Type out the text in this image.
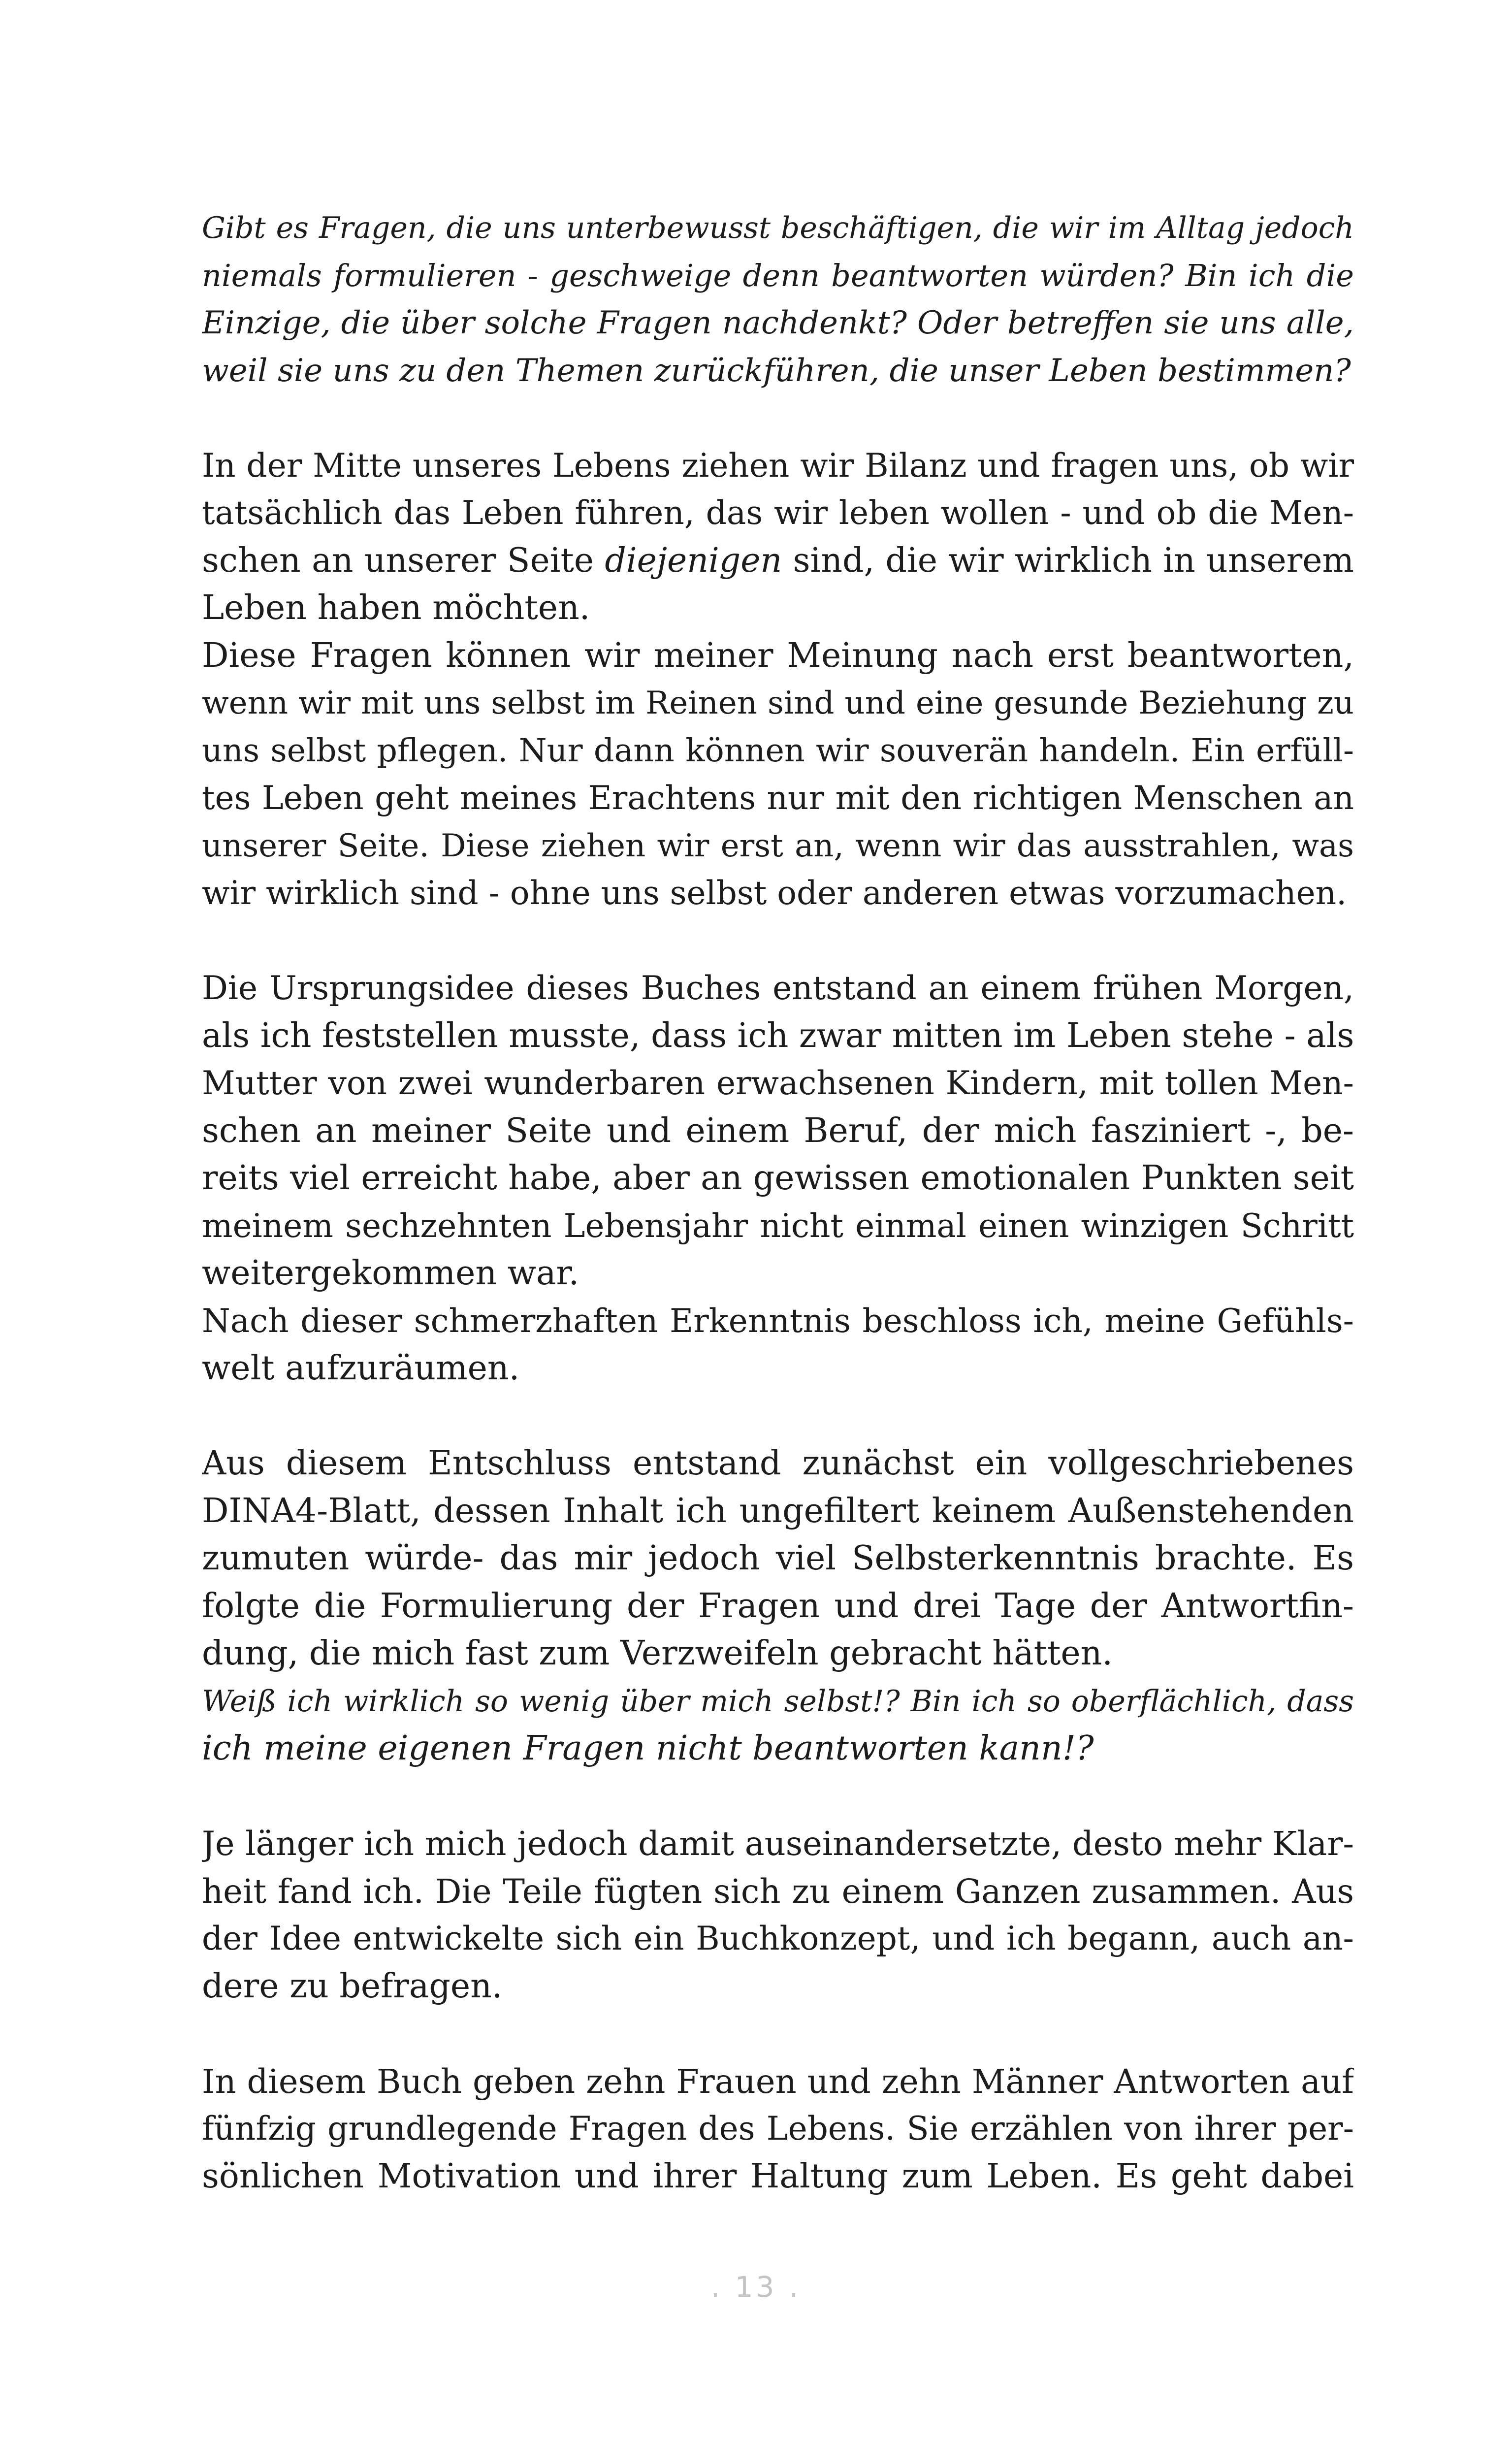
Gibt es Fragen, die uns unterbewusst beschäftigen, die wir im Alltag jedoch
niemals formulieren - geschweige denn beantworten würden? Bin ich die
Einzige, die über solche Fragen nachdenkt? Oder betreffen sie uns alle,
weil sie uns zu den Themen zurückführen, die unser Leben bestimmen?

In der Mitte unseres Lebens ziehen wir Bilanz und fragen uns, ob wir
tatsächlich das Leben führen, das wir leben wollen - und ob die Men-
schen an unserer Seite diejenigen sind, die wir wirklich in unserem
Leben haben möchten.

Diese Fragen können wir meiner Meinung nach erst beantworten,
wenn wir mit uns selbst im Reinen sind und eine gesunde Beziehung zu
uns selbst pflegen. Nur dann können wir souverän handeln. Ein erfüll-
tes Leben geht meines Erachtens nur mit den richtigen Menschen an
unserer Seite. Diese ziehen wir erst an, wenn wir das ausstrahlen, was
wir wirklich sind - ohne uns selbst oder anderen etwas vorzumachen.

Die Ursprungsidee dieses Buches entstand an einem frühen Morgen,
als ich feststellen musste, dass ich zwar mitten im Leben stehe - als
Mutter von zwei wunderbaren erwachsenen Kindern, mit tollen Men-
schen an meiner Seite und einem Beruf, der mich fasziniert -, be-
reits viel erreicht habe, aber an gewissen emotionalen Punkten seit
meinem sechzehnten Lebensjahr nicht einmal einen winzigen Schritt
weitergekommen war.

Nach dieser schmerzhaften Erkenntnis beschloss ich, meine Gefühls-
welt aufzuräumen.

Aus diesem Entschluss entstand zunächst ein vollgeschriebenes
DINA4-Blatt, dessen Inhalt ich ungefiltert keinem Außenstehenden
zumuten würde- das mir jedoch viel Selbsterkenntnis brachte. Es
folgte die Formulierung der Fragen und drei Tage der Antwortfin-
dung, die mich fast zum Verzweifeln gebracht hätten.

Weiß ich wirklich so wenig über mich selbst!? Bin ich so oberflächlich, dass
ich meine eigenen Fragen nicht beantworten kann!?

Je länger ich mich jedoch damit auseinandersetzte, desto mehr Klar-
heit fand ich. Die Teile fügten sich zu einem Ganzen zusammen. Aus
der Idee entwickelte sich ein Buchkonzept, und ich begann, auch an-
dere zu befragen.

In diesem Buch geben zehn Frauen und zehn Männer Antworten auf
fünfzig grundlegende Fragen des Lebens. Sie erzählen von ihrer per-
sönlichen Motivation und ihrer Haltung zum Leben. Es geht dabei

. 13 .
